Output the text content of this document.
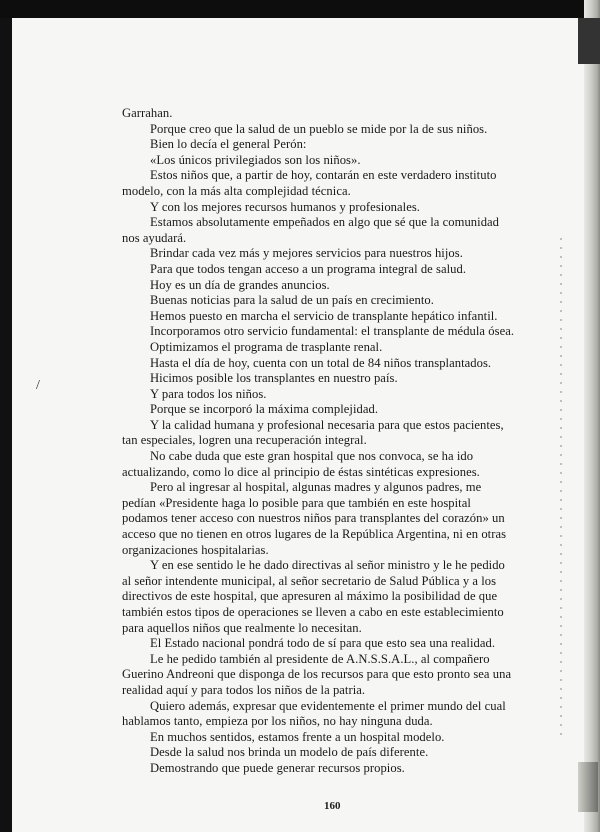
/
Garrahan.
Porque creo que la salud de un pueblo se mide por la de sus niños.
Bien lo decía el general Perón:
«Los únicos privilegiados son los niños».
Estos niños que, a partir de hoy, contarán en este verdadero instituto
modelo, con la más alta complejidad técnica.
Y con los mejores recursos humanos y profesionales.
Estamos absolutamente empeñados en algo que sé que la comunidad
nos ayudará.
Brindar cada vez más y mejores servicios para nuestros hijos.
Para que todos tengan acceso a un programa integral de salud.
Hoy es un día de grandes anuncios.
Buenas noticias para la salud de un país en crecimiento.
Hemos puesto en marcha el servicio de transplante hepático infantil.
Incorporamos otro servicio fundamental: el transplante de médula ósea.
Optimizamos el programa de trasplante renal.
Hasta el día de hoy, cuenta con un total de 84 niños transplantados.
Hicimos posible los transplantes en nuestro país.
Y para todos los niños.
Porque se incorporó la máxima complejidad.
Y la calidad humana y profesional necesaria para que estos pacientes,
tan especiales, logren una recuperación integral.
No cabe duda que este gran hospital que nos convoca, se ha ido
actualizando, como lo dice al principio de éstas sintéticas expresiones.
Pero al ingresar al hospital, algunas madres y algunos padres, me
pedían «Presidente haga lo posible para que también en este hospital
podamos tener acceso con nuestros niños para transplantes del corazón» un
acceso que no tienen en otros lugares de la República Argentina, ni en otras
organizaciones hospitalarias.
Y en ese sentido le he dado directivas al señor ministro y le he pedido
al señor intendente municipal, al señor secretario de Salud Pública y a los
directivos de este hospital, que apresuren al máximo la posibilidad de que
también estos tipos de operaciones se lleven a cabo en este establecimiento
para aquellos niños que realmente lo necesitan.
El Estado nacional pondrá todo de sí para que esto sea una realidad.
Le he pedido también al presidente de A.N.S.S.A.L., al compañero
Guerino Andreoni que disponga de los recursos para que esto pronto sea una
realidad aquí y para todos los niños de la patria.
Quiero además, expresar que evidentemente el primer mundo del cual
hablamos tanto, empieza por los niños, no hay ninguna duda.
En muchos sentidos, estamos frente a un hospital modelo.
Desde la salud nos brinda un modelo de país diferente.
Demostrando que puede generar recursos propios.
160
